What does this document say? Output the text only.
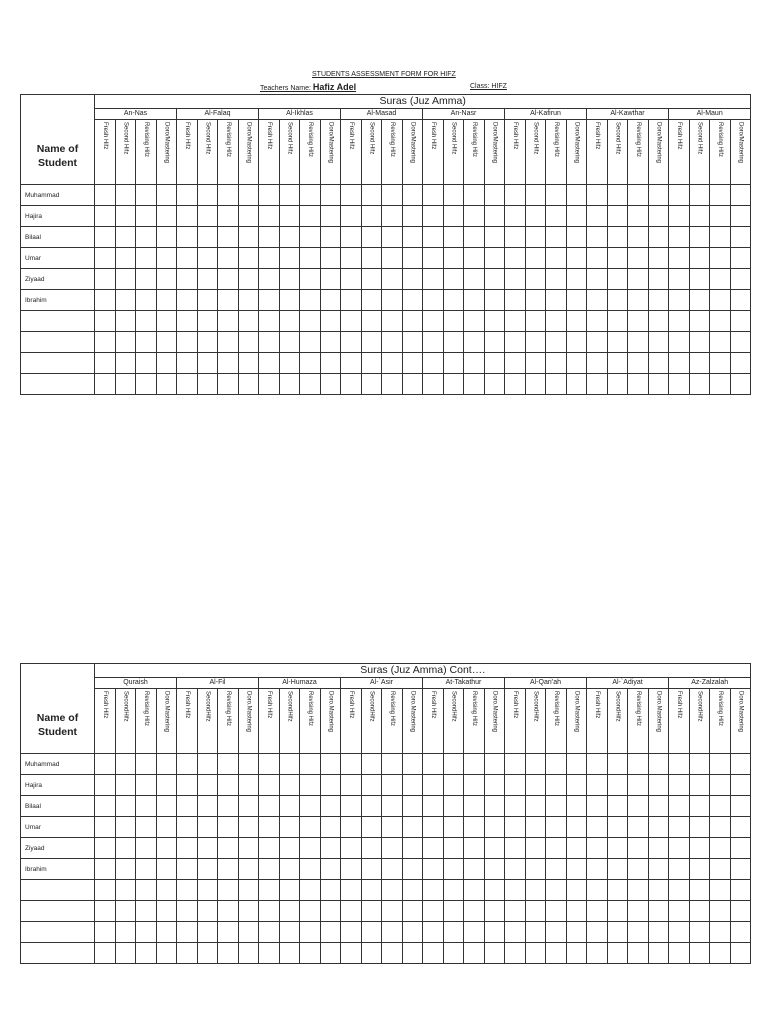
STUDENTS ASSESSMENT FORM FOR HIFZ
Teachers Name: Hafiz Adel	Class: HIFZ
Name of
Student	Suras (Juz Amma)																															
	An-Nas				Al-Falaq				Al-Ikhlas				Al-Masad				An-Nasr				Al-Kafirun				Al-Kawthar				Al-Maun			
	Fresh Hifz	Second Hifz	Revising Hifz	Doro/Mastering	Fresh Hifz	Second Hifz	Revising Hifz	Doro/Mastering	Fresh Hifz	Second Hifz	Revising Hifz	Doro/Mastering	Fresh Hifz	Second Hifz	Revising Hifz	Doro/Mastering	Fresh Hifz	Second Hifz	Revising Hifz	Doro/Mastering	Fresh Hifz	Second Hifz	Revising Hifz	Doro/Mastering	Fresh Hifz	Second Hifz	Revising Hifz	Doro/Mastering	Fresh Hifz	Second Hifz	Revising Hifz	Doro/Mastering
Muhammad																																
Hajira																																
Bilaal																																
Umar																																
Ziyaad																																
Ibrahim																																

Name of
Student	Suras (Juz Amma) Cont….																															
	Quraish				Al-Fil				Al-Humaza				Al-`Asir				At-Takathur				Al-Qari’ah				Al-`Adiyat				Az-Zalzalah			
	Fresh Hifz	SecondHifz	Revising Hifz	Doro.Mastering	Fresh Hifz	SecondHifz	Revising Hifz	Doro.Mastering	Fresh Hifz	SecondHifz	Revising Hifz	Doro.Mastering	Fresh Hifz	SecondHifz	Revising Hifz	Doro.Mastering	Fresh Hifz	SecondHifz	Revising Hifz	Doro.Mastering	Fresh Hifz	SecondHifz	Revising Hifz	Doro.Mastering	Fresh Hifz	SecondHifz	Revising Hifz	Doro.Mastering	Fresh Hifz	SecondHifz	Revising Hifz	Doro.Mastering
Muhammad																																
Hajira																																
Bilaal																																
Umar																																
Ziyaad																																
Ibrahim																																
